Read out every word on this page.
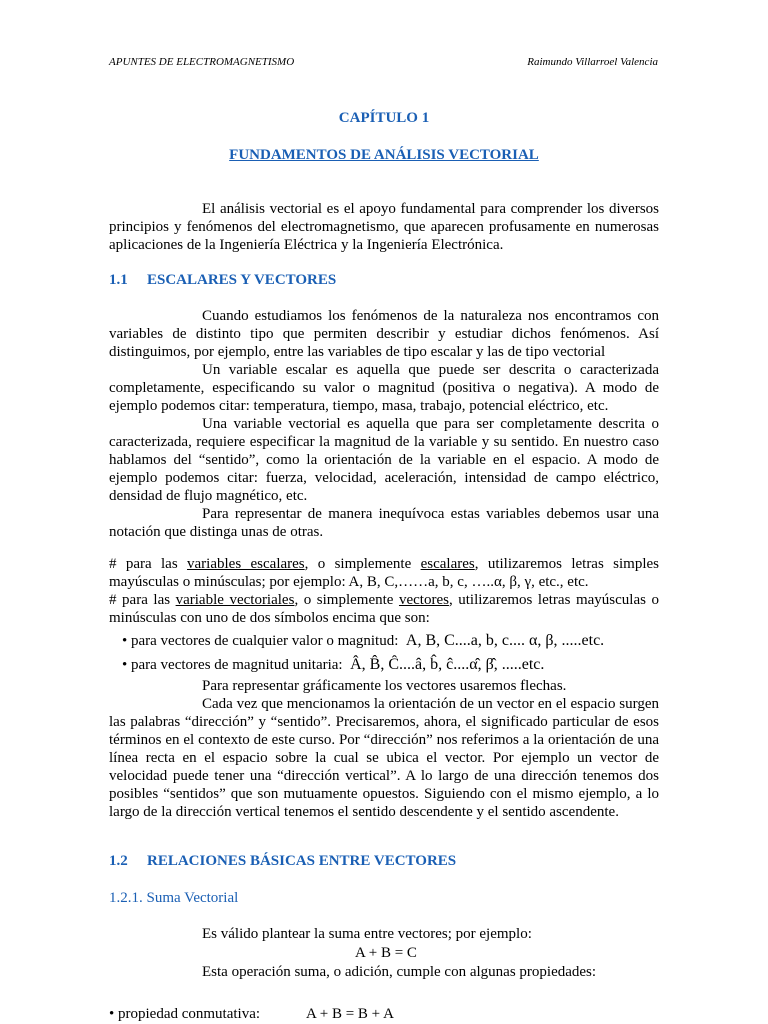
APUNTES DE ELECTROMAGNETISMO	Raimundo Villarroel Valencia
CAPÍTULO 1
FUNDAMENTOS DE ANÁLISIS VECTORIAL

El análisis vectorial es el apoyo fundamental para comprender los diversos principios y fenómenos del electromagnetismo, que aparecen profusamente en numerosas aplicaciones de la Ingeniería Eléctrica y la Ingeniería Electrónica.

1.1 ESCALARES Y VECTORES

Cuando estudiamos los fenómenos de la naturaleza nos encontramos con variables de distinto tipo que permiten describir y estudiar dichos fenómenos. Así distinguimos, por ejemplo, entre las variables de tipo escalar y las de tipo vectorial

Un variable escalar es aquella que puede ser descrita o caracterizada completamente, especificando su valor o magnitud (positiva o negativa). A modo de ejemplo podemos citar: temperatura, tiempo, masa, trabajo, potencial eléctrico, etc.

Una variable vectorial es aquella que para ser completamente descrita o caracterizada, requiere especificar la magnitud de la variable y su sentido. En nuestro caso hablamos del “sentido”, como la orientación de la variable en el espacio. A modo de ejemplo podemos citar: fuerza, velocidad, aceleración, intensidad de campo eléctrico, densidad de flujo magnético, etc.

Para representar de manera inequívoca estas variables debemos usar una notación que distinga unas de otras.

# para las variables escalares, o simplemente escalares, utilizaremos letras simples mayúsculas o minúsculas; por ejemplo: A, B, C,……a, b, c, …..α, β, γ, etc., etc.

# para las variable vectoriales, o simplemente vectores, utilizaremos letras mayúsculas o minúsculas con uno de dos símbolos encima que son:

• para vectores de cualquier valor o magnitud: A, B, C....a, b, c.... α, β, .....etc.
• para vectores de magnitud unitaria: Â, B̂, Ĉ....â, b̂, ĉ....α̂, β̂, .....etc.

Para representar gráficamente los vectores usaremos flechas.

Cada vez que mencionamos la orientación de un vector en el espacio surgen las palabras “dirección” y “sentido”. Precisaremos, ahora, el significado particular de esos términos en el contexto de este curso. Por “dirección” nos referimos a la orientación de una línea recta en el espacio sobre la cual se ubica el vector. Por ejemplo un vector de velocidad puede tener una “dirección vertical”. A lo largo de una dirección tenemos dos posibles “sentidos” que son mutuamente opuestos. Siguiendo con el mismo ejemplo, a lo largo de la dirección vertical tenemos el sentido descendente y el sentido ascendente.

1.2 RELACIONES BÁSICAS ENTRE VECTORES
1.2.1. Suma Vectorial
Es válido plantear la suma entre vectores; por ejemplo:
A + B = C
Esta operación suma, o adición, cumple con algunas propiedades:
• propiedad conmutativa:	A + B = B + A
